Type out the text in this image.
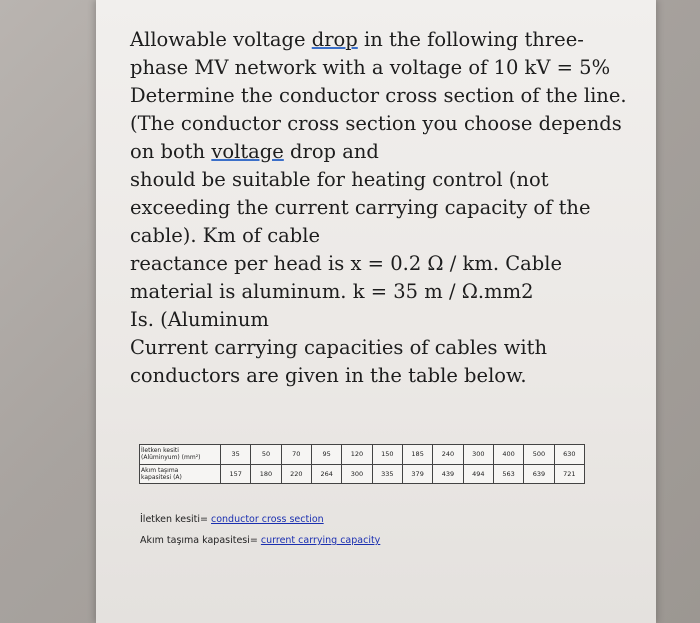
Allowable voltage drop in the following three-
phase MV network with a voltage of 10 kV = 5%
Determine the conductor cross section of the line.
(The conductor cross section you choose depends
on both voltage drop and
should be suitable for heating control (not
exceeding the current carrying capacity of the
cable). Km of cable
reactance per head is x = 0.2 Ω / km. Cable
material is aluminum. k = 35 m / Ω.mm2
Is. (Aluminum
Current carrying capacities of cables with
conductors are given in the table below.
İletken kesiti
(Alüminyum) (mm²)	35	50	70	95	120	150	185	240	300	400	500	630
Akım taşıma
kapasitesi (A)	157	180	220	264	300	335	379	439	494	563	639	721
İletken kesiti= conductor cross section
Akım taşıma kapasitesi= current carrying capacity
